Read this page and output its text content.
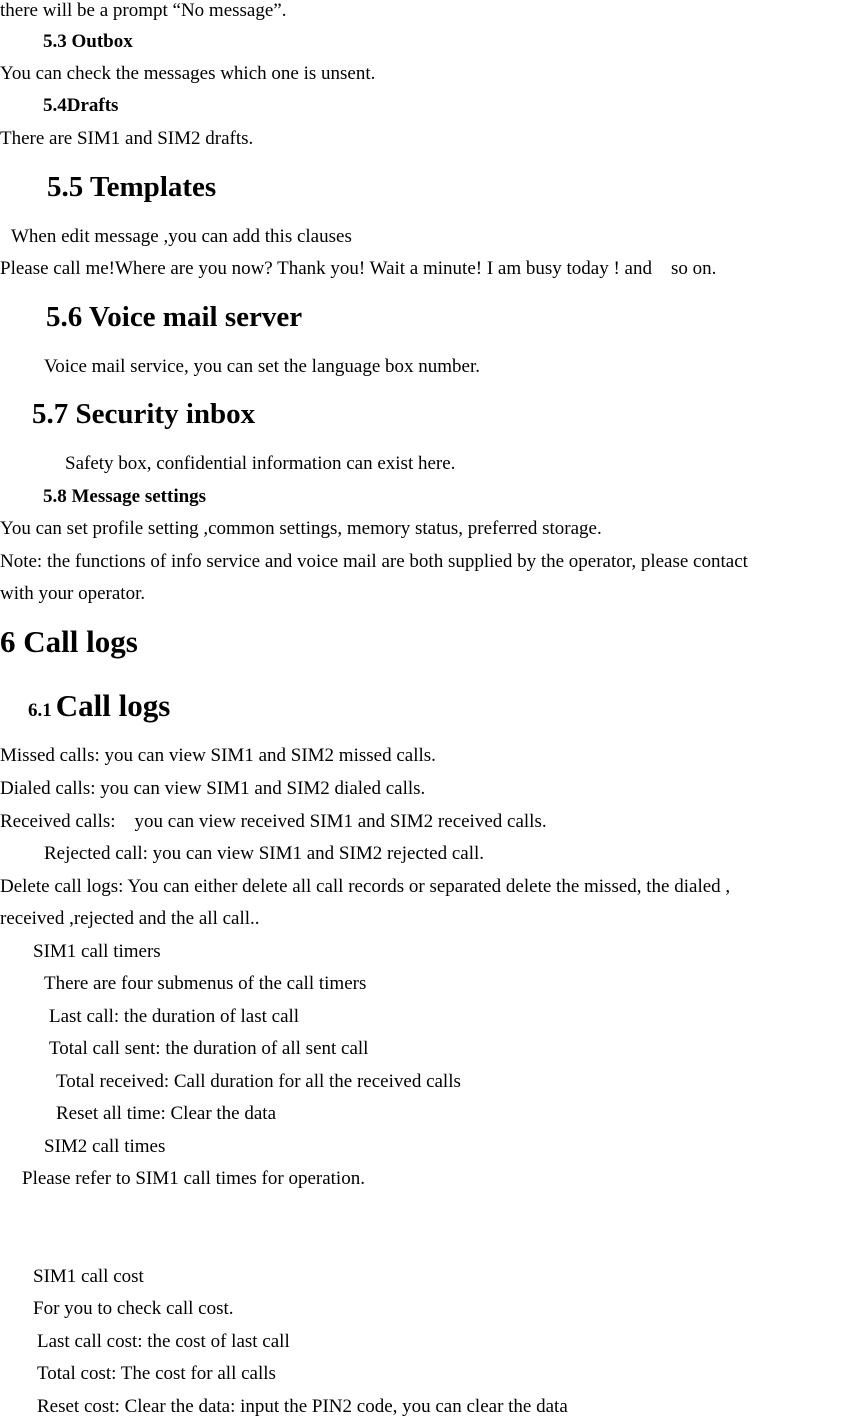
there will be a prompt “No message”.

5.3 Outbox

You can check the messages which one is unsent.

5.4Drafts

There are SIM1 and SIM2 drafts.

5.5 Templates

When edit message ,you can add this clauses

Please call me!Where are you now? Thank you! Wait a minute! I am busy today ! and    so on.

5.6 Voice mail server

Voice mail service, you can set the language box number.

5.7 Security inbox

Safety box, confidential information can exist here.

5.8 Message settings

You can set profile setting ,common settings, memory status, preferred storage.

Note: the functions of info service and voice mail are both supplied by the operator, please contact

with your operator.

6 Call logs

6.1 Call logs

Missed calls: you can view SIM1 and SIM2 missed calls.

Dialed calls: you can view SIM1 and SIM2 dialed calls.

Received calls:    you can view received SIM1 and SIM2 received calls.

Rejected call: you can view SIM1 and SIM2 rejected call.

Delete call logs: You can either delete all call records or separated delete the missed, the dialed ,

received ,rejected and the all call..

SIM1 call timers

There are four submenus of the call timers

Last call: the duration of last call

Total call sent: the duration of all sent call

Total received: Call duration for all the received calls

Reset all time: Clear the data

SIM2 call times

Please refer to SIM1 call times for operation.

SIM1 call cost

For you to check call cost.

Last call cost: the cost of last call

Total cost: The cost for all calls

Reset cost: Clear the data: input the PIN2 code, you can clear the data
